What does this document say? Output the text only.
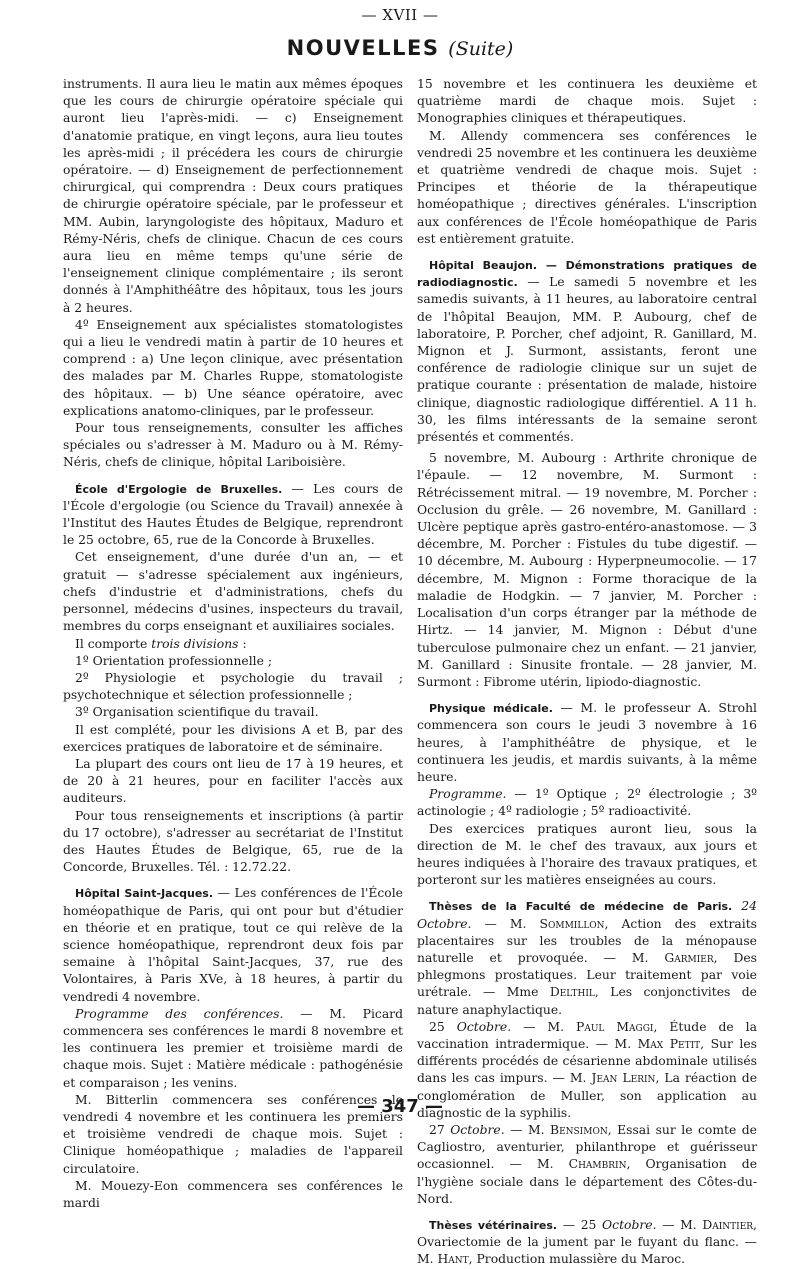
— XVII —
NOUVELLES (Suite)

instruments. Il aura lieu le matin aux mêmes époques que les cours de chirurgie opératoire spéciale qui auront lieu l'après-midi. — c) Enseignement d'anatomie pratique, en vingt leçons, aura lieu toutes les après-midi ; il précédera les cours de chirurgie opératoire. — d) Enseignement de perfectionnement chirurgical, qui comprendra : Deux cours pratiques de chirurgie opératoire spéciale, par le professeur et MM. Aubin, laryngologiste des hôpitaux, Maduro et Rémy-Néris, chefs de clinique. Chacun de ces cours aura lieu en même temps qu'une série de l'enseignement clinique complémentaire ; ils seront donnés à l'Amphithéâtre des hôpitaux, tous les jours à 2 heures.

4º Enseignement aux spécialistes stomatologistes qui a lieu le vendredi matin à partir de 10 heures et comprend : a) Une leçon clinique, avec présentation des malades par M. Charles Ruppe, stomatologiste des hôpitaux. — b) Une séance opératoire, avec explications anatomo-cliniques, par le professeur.

Pour tous renseignements, consulter les affiches spéciales ou s'adresser à M. Maduro ou à M. Rémy-Néris, chefs de clinique, hôpital Lariboisière.

École d'Ergologie de Bruxelles. — Les cours de l'École d'ergologie (ou Science du Travail) annexée à l'Institut des Hautes Études de Belgique, reprendront le 25 octobre, 65, rue de la Concorde à Bruxelles.

Cet enseignement, d'une durée d'un an, — et gratuit — s'adresse spécialement aux ingénieurs, chefs d'industrie et d'administrations, chefs du personnel, médecins d'usines, inspecteurs du travail, membres du corps enseignant et auxiliaires sociales.

Il comporte trois divisions :

1º Orientation professionnelle ;

2º Physiologie et psychologie du travail ; psychotechnique et sélection professionnelle ;

3º Organisation scientifique du travail.

Il est complété, pour les divisions A et B, par des exercices pratiques de laboratoire et de séminaire.

La plupart des cours ont lieu de 17 à 19 heures, et de 20 à 21 heures, pour en faciliter l'accès aux auditeurs.

Pour tous renseignements et inscriptions (à partir du 17 octobre), s'adresser au secrétariat de l'Institut des Hautes Études de Belgique, 65, rue de la Concorde, Bruxelles. Tél. : 12.72.22.

Hôpital Saint-Jacques. — Les conférences de l'École homéopathique de Paris, qui ont pour but d'étudier en théorie et en pratique, tout ce qui relève de la science homéopathique, reprendront deux fois par semaine à l'hôpital Saint-Jacques, 37, rue des Volontaires, à Paris XVe, à 18 heures, à partir du vendredi 4 novembre.

Programme des conférences. — M. Picard commencera ses conférences le mardi 8 novembre et les continuera les premier et troisième mardi de chaque mois. Sujet : Matière médicale : pathogénésie et comparaison ; les venins.

M. Bitterlin commencera ses conférences le vendredi 4 novembre et les continuera les premiers et troisième vendredi de chaque mois. Sujet : Clinique homéopathique ; maladies de l'appareil circulatoire.

M. Mouezy-Eon commencera ses conférences le mardi

15 novembre et les continuera les deuxième et quatrième mardi de chaque mois. Sujet : Monographies cliniques et thérapeutiques.

M. Allendy commencera ses conférences le vendredi 25 novembre et les continuera les deuxième et quatrième vendredi de chaque mois. Sujet : Principes et théorie de la thérapeutique homéopathique ; directives générales. L'inscription aux conférences de l'École homéopathique de Paris est entièrement gratuite.

Hôpital Beaujon. — Démonstrations pratiques de radiodiagnostic. — Le samedi 5 novembre et les samedis suivants, à 11 heures, au laboratoire central de l'hôpital Beaujon, MM. P. Aubourg, chef de laboratoire, P. Porcher, chef adjoint, R. Ganillard, M. Mignon et J. Surmont, assistants, feront une conférence de radiologie clinique sur un sujet de pratique courante : présentation de malade, histoire clinique, diagnostic radiologique différentiel. A 11 h. 30, les films intéressants de la semaine seront présentés et commentés.

5 novembre, M. Aubourg : Arthrite chronique de l'épaule. — 12 novembre, M. Surmont : Rétrécissement mitral. — 19 novembre, M. Porcher : Occlusion du grêle. — 26 novembre, M. Ganillard : Ulcère peptique après gastro-entéro-anastomose. — 3 décembre, M. Porcher : Fistules du tube digestif. — 10 décembre, M. Aubourg : Hyperpneumocolie. — 17 décembre, M. Mignon : Forme thoracique de la maladie de Hodgkin. — 7 janvier, M. Porcher : Localisation d'un corps étranger par la méthode de Hirtz. — 14 janvier, M. Mignon : Début d'une tuberculose pulmonaire chez un enfant. — 21 janvier, M. Ganillard : Sinusite frontale. — 28 janvier, M. Surmont : Fibrome utérin, lipiodo-diagnostic.

Physique médicale. — M. le professeur A. Strohl commencera son cours le jeudi 3 novembre à 16 heures, à l'amphithéâtre de physique, et le continuera les jeudis, et mardis suivants, à la même heure.

Programme. — 1º Optique ; 2º électrologie ; 3º actinologie ; 4º radiologie ; 5º radioactivité.

Des exercices pratiques auront lieu, sous la direction de M. le chef des travaux, aux jours et heures indiquées à l'horaire des travaux pratiques, et porteront sur les matières enseignées au cours.

Thèses de la Faculté de médecine de Paris. 24 Octobre. — M. Sommillon, Action des extraits placentaires sur les troubles de la ménopause naturelle et provoquée. — M. Garmier, Des phlegmons prostatiques. Leur traitement par voie urétrale. — Mme Delthil, Les conjonctivites de nature anaphylactique.

25 Octobre. — M. Paul Maggi, Étude de la vaccination intradermique. — M. Max Petit, Sur les différents procédés de césarienne abdominale utilisés dans les cas impurs. — M. Jean Lerin, La réaction de conglomération de Muller, son application au diagnostic de la syphilis.

27 Octobre. — M. Bensimon, Essai sur le comte de Cagliostro, aventurier, philanthrope et guérisseur occasionnel. — M. Chambrin, Organisation de l'hygiène sociale dans le département des Côtes-du-Nord.

Thèses vétérinaires. — 25 Octobre. — M. Daintier, Ovariectomie de la jument par le fuyant du flanc. — M. Hant, Production mulassière du Maroc.

— 347 —
